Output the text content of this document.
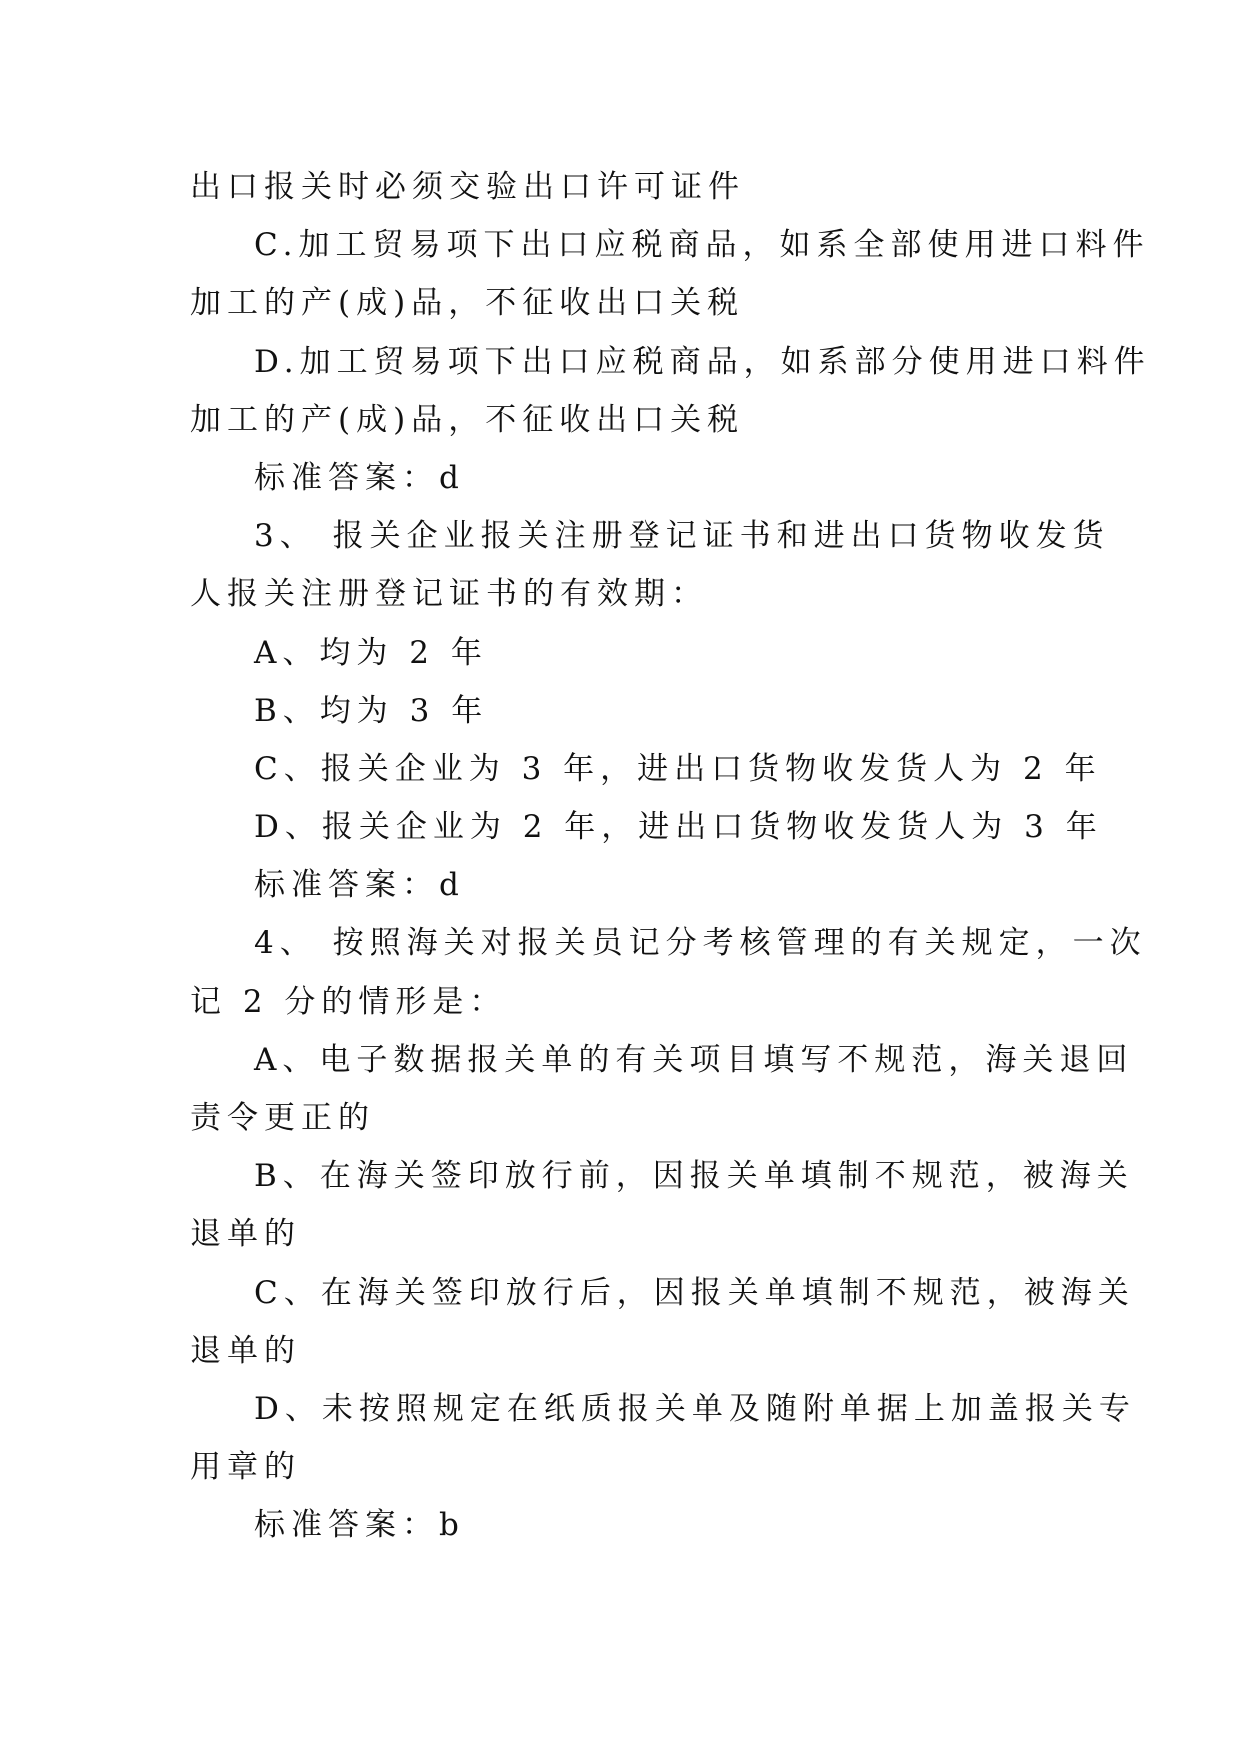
出口报关时必须交验出口许可证件
C.加工贸易项下出口应税商品，如系全部使用进口料件
加工的产(成)品，不征收出口关税
D.加工贸易项下出口应税商品，如系部分使用进口料件
加工的产(成)品，不征收出口关税
标准答案：d
3、 报关企业报关注册登记证书和进出口货物收发货
人报关注册登记证书的有效期：
A、均为 2 年
B、均为 3 年
C、报关企业为 3 年，进出口货物收发货人为 2 年
D、报关企业为 2 年，进出口货物收发货人为 3 年
标准答案：d
4、 按照海关对报关员记分考核管理的有关规定，一次
记 2 分的情形是：
A、电子数据报关单的有关项目填写不规范，海关退回
责令更正的
B、在海关签印放行前，因报关单填制不规范，被海关
退单的
C、在海关签印放行后，因报关单填制不规范，被海关
退单的
D、未按照规定在纸质报关单及随附单据上加盖报关专
用章的
标准答案：b
